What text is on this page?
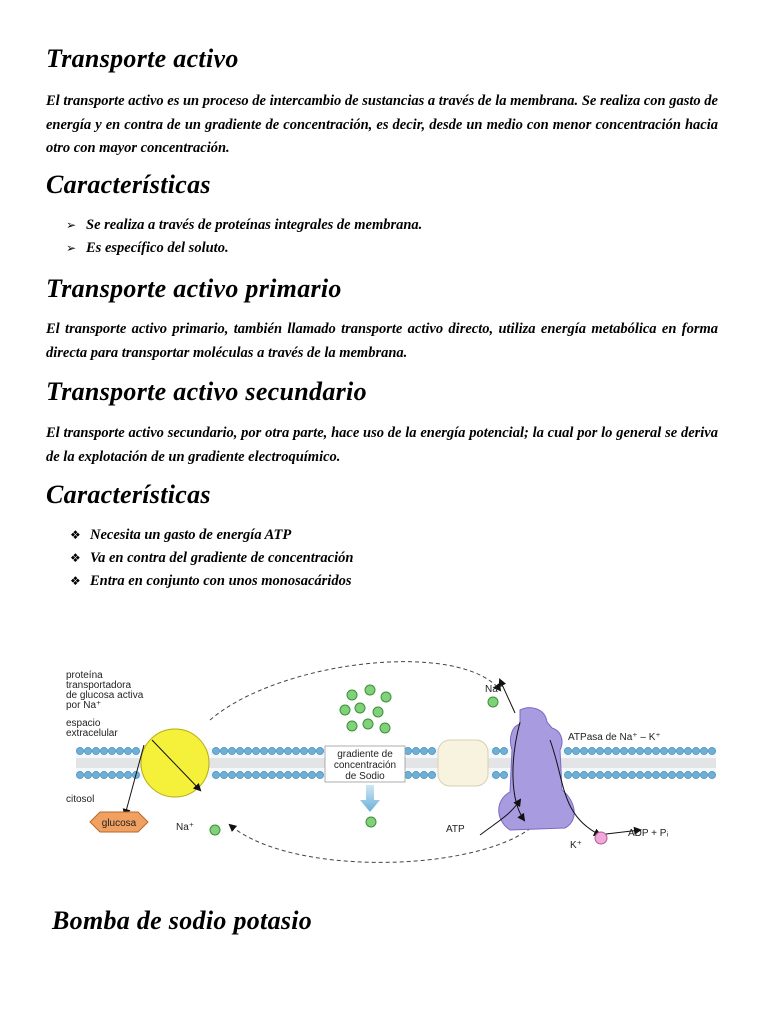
Transporte activo

El transporte activo es un proceso de intercambio de sustancias a través de la membrana. Se realiza con gasto de energía y en contra de un gradiente de concentración, es decir, desde un medio con menor concentración hacia otro con mayor concentración.

Características
➢ Se realiza a través de proteínas integrales de membrana.
➢ Es específico del soluto.
Transporte activo primario

El transporte activo primario, también llamado transporte activo directo, utiliza energía metabólica en forma directa para transportar moléculas a través de la membrana.

Transporte activo secundario

El transporte activo secundario, por otra parte, hace uso de la energía potencial; la cual por lo general se deriva de la explotación de un gradiente electroquímico.

Características
❖ Necesita un gasto de energía ATP
❖ Va en contra del gradiente de concentración
❖ Entra en conjunto con unos monosacáridos
gradiente de
concentración
de Sodio
glucosa
proteína
transportadora
de glucosa activa
por Na⁺
espacio
extracelular
citosol
Na⁺
Na⁺
ATPasa de Na⁺ – K⁺
ATP
K⁺
ADP + Pᵢ
Bomba de sodio potasio
